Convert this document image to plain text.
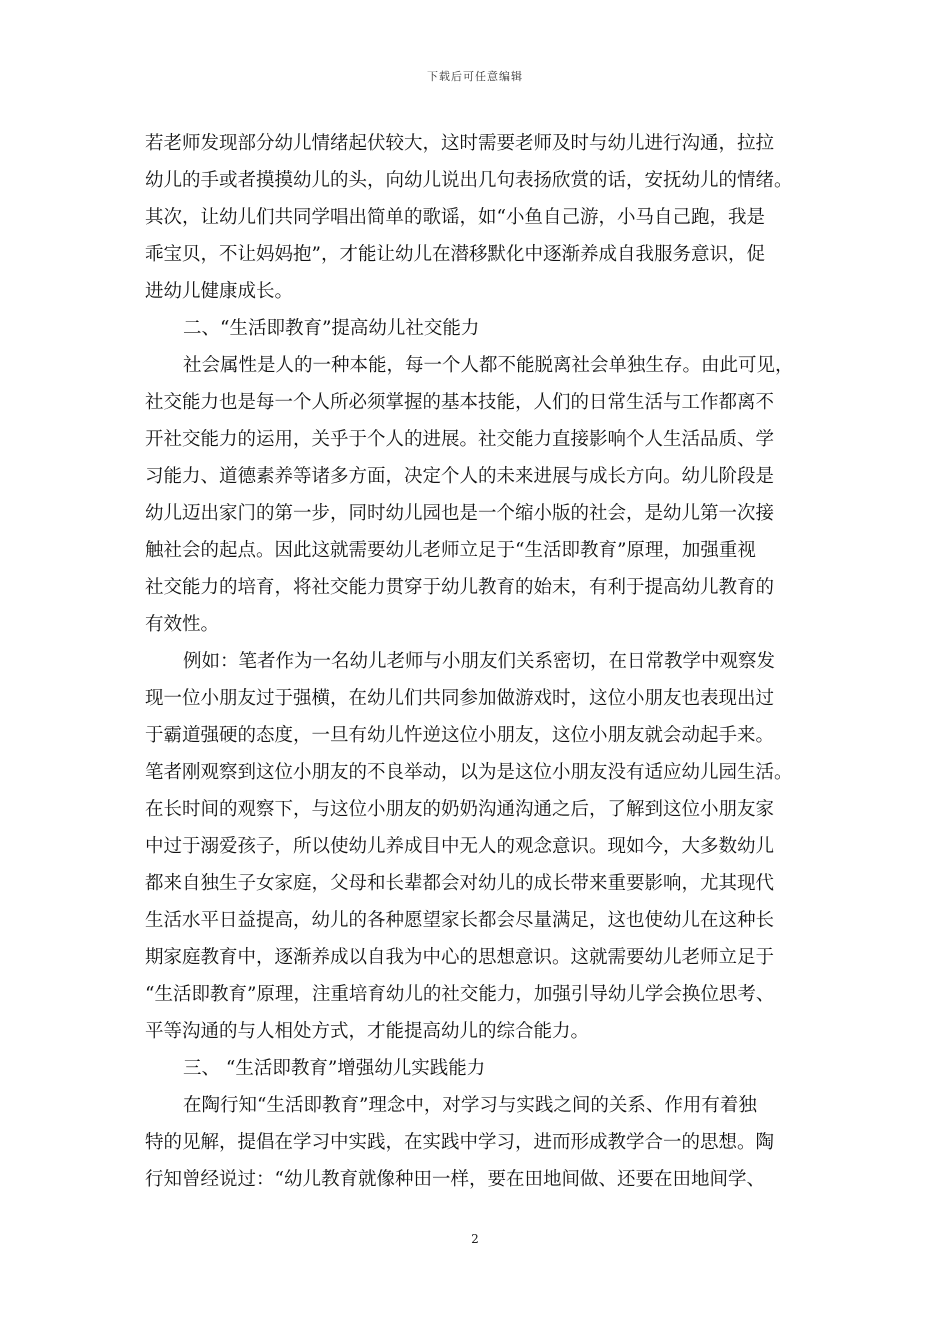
下载后可任意编辑
若老师发现部分幼儿情绪起伏较大，这时需要老师及时与幼儿进行沟通，拉拉
幼儿的手或者摸摸幼儿的头，向幼儿说出几句表扬欣赏的话，安抚幼儿的情绪。
其次，让幼儿们共同学唱出简单的歌谣，如“小鱼自己游，小马自己跑，我是
乖宝贝，不让妈妈抱”，才能让幼儿在潜移默化中逐渐养成自我服务意识，促
进幼儿健康成长。
二、“生活即教育”提高幼儿社交能力
社会属性是人的一种本能，每一个人都不能脱离社会单独生存。由此可见，
社交能力也是每一个人所必须掌握的基本技能，人们的日常生活与工作都离不
开社交能力的运用，关乎于个人的进展。社交能力直接影响个人生活品质、学
习能力、道德素养等诸多方面，决定个人的未来进展与成长方向。幼儿阶段是
幼儿迈出家门的第一步，同时幼儿园也是一个缩小版的社会，是幼儿第一次接
触社会的起点。因此这就需要幼儿老师立足于“生活即教育”原理，加强重视
社交能力的培育，将社交能力贯穿于幼儿教育的始末，有利于提高幼儿教育的
有效性。
例如：笔者作为一名幼儿老师与小朋友们关系密切，在日常教学中观察发
现一位小朋友过于强横，在幼儿们共同参加做游戏时，这位小朋友也表现出过
于霸道强硬的态度，一旦有幼儿忤逆这位小朋友，这位小朋友就会动起手来。
笔者刚观察到这位小朋友的不良举动，以为是这位小朋友没有适应幼儿园生活。
在长时间的观察下，与这位小朋友的奶奶沟通沟通之后，了解到这位小朋友家
中过于溺爱孩子，所以使幼儿养成目中无人的观念意识。现如今，大多数幼儿
都来自独生子女家庭，父母和长辈都会对幼儿的成长带来重要影响，尤其现代
生活水平日益提高，幼儿的各种愿望家长都会尽量满足，这也使幼儿在这种长
期家庭教育中，逐渐养成以自我为中心的思想意识。这就需要幼儿老师立足于
“生活即教育”原理，注重培育幼儿的社交能力，加强引导幼儿学会换位思考、
平等沟通的与人相处方式，才能提高幼儿的综合能力。
三、 “生活即教育”增强幼儿实践能力
在陶行知“生活即教育”理念中，对学习与实践之间的关系、作用有着独
特的见解，提倡在学习中实践，在实践中学习，进而形成教学合一的思想。陶
行知曾经说过：“幼儿教育就像种田一样，要在田地间做、还要在田地间学、
2
